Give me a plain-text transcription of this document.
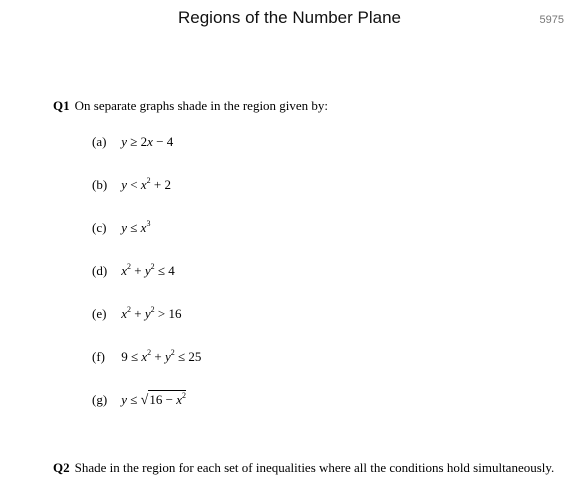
Regions of the Number Plane	5975
Q1 On separate graphs shade in the region given by:
(a) y ≥ 2x − 4
(b) $y < x^2 + 2$
(c) $y \le x^3$
(d) $x^2 + y^2 \le 4$
(e) $x^2 + y^2 > 16$
(f) $9 \le x^2 + y^2 \le 25$
(g) $y \le √16 - x^2$
Q2 Shade in the region for each set of inequalities where all the conditions hold simultaneously.
